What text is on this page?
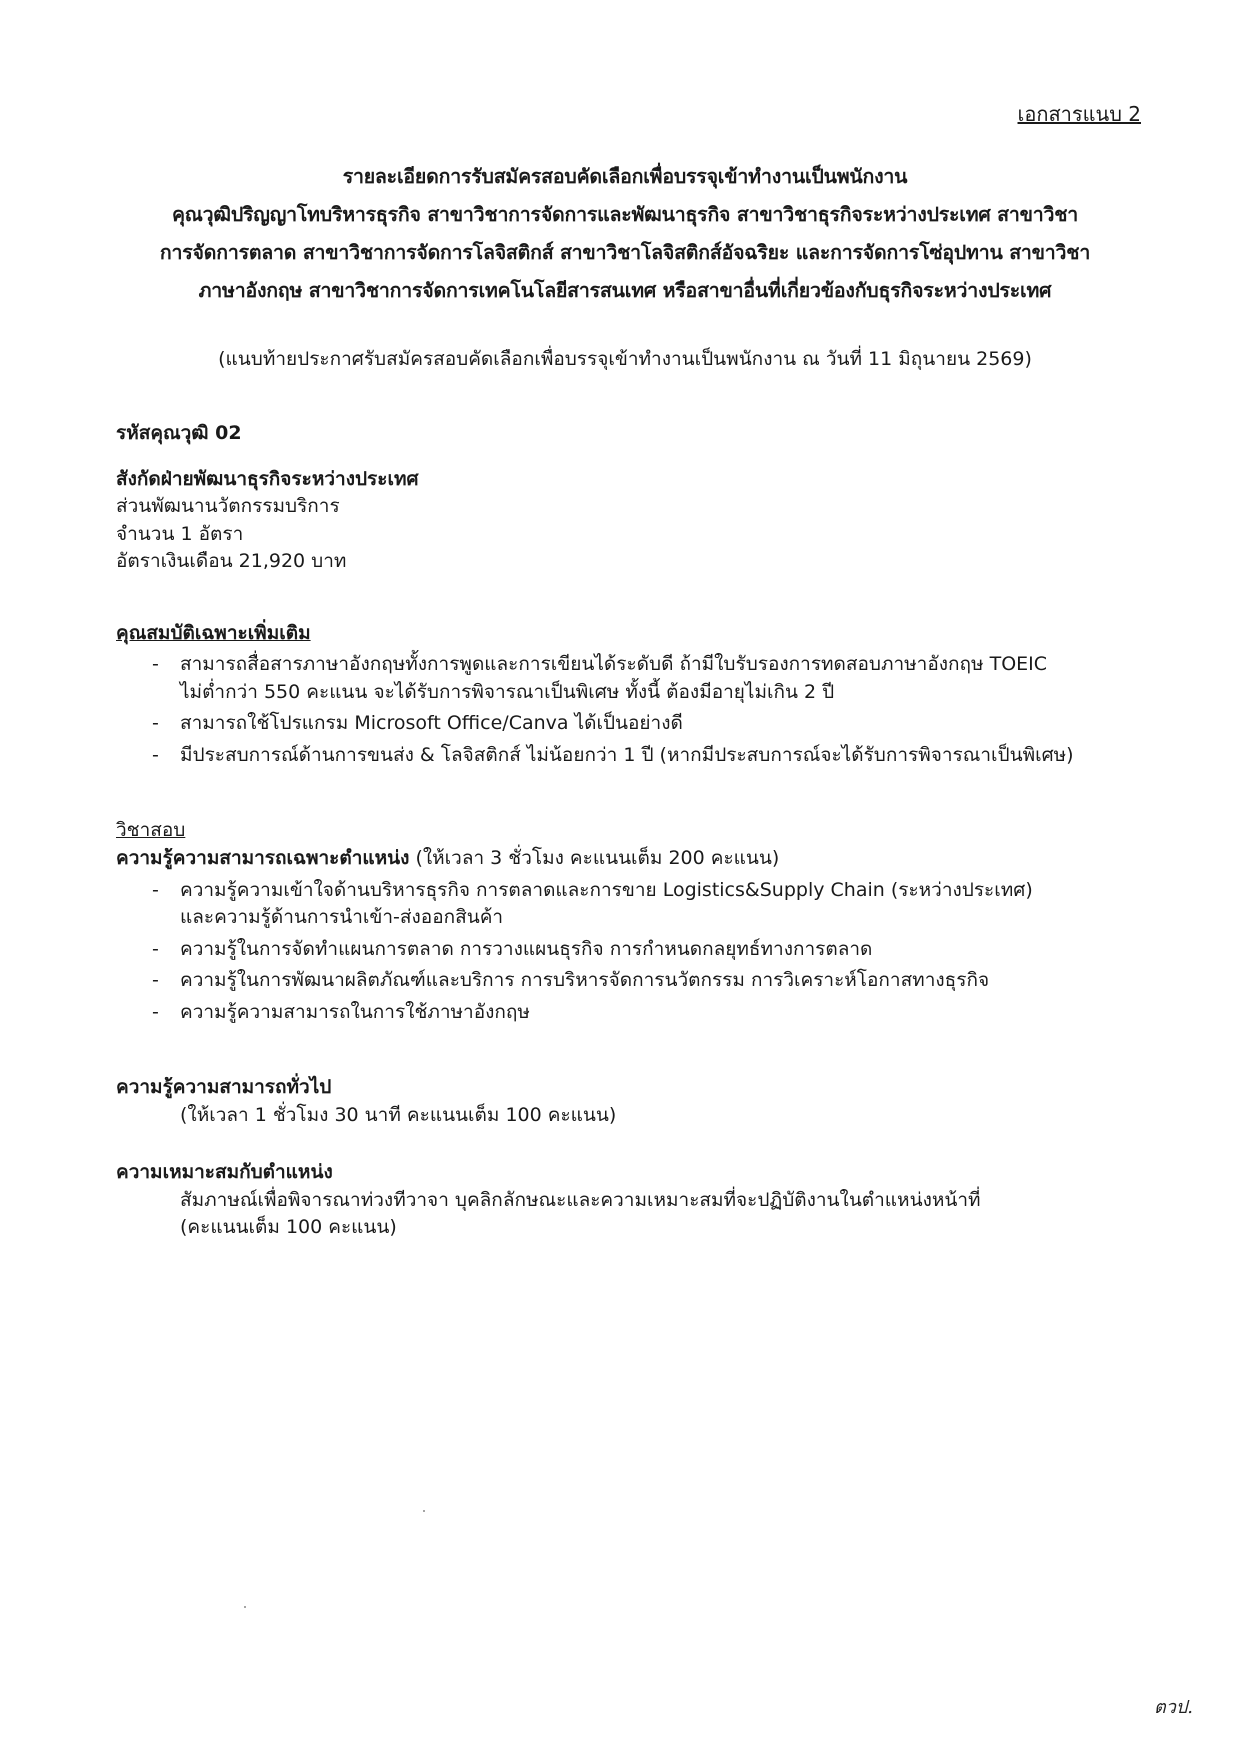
เอกสารแนบ 2
รายละเอียดการรับสมัครสอบคัดเลือกเพื่อบรรจุเข้าทำงานเป็นพนักงาน
คุณวุฒิปริญญาโทบริหารธุรกิจ สาขาวิชาการจัดการและพัฒนาธุรกิจ สาขาวิชาธุรกิจระหว่างประเทศ สาขาวิชา
การจัดการตลาด สาขาวิชาการจัดการโลจิสติกส์ สาขาวิชาโลจิสติกส์อัจฉริยะ และการจัดการโซ่อุปทาน สาขาวิชา
ภาษาอังกฤษ สาขาวิชาการจัดการเทคโนโลยีสารสนเทศ หรือสาขาอื่นที่เกี่ยวข้องกับธุรกิจระหว่างประเทศ
(แนบท้ายประกาศรับสมัครสอบคัดเลือกเพื่อบรรจุเข้าทำงานเป็นพนักงาน ณ วันที่ 11 มิถุนายน 2569)

รหัสคุณวุฒิ 02

สังกัดฝ่ายพัฒนาธุรกิจระหว่างประเทศ

ส่วนพัฒนานวัตกรรมบริการ

จำนวน 1 อัตรา

อัตราเงินเดือน 21,920 บาท

คุณสมบัติเฉพาะเพิ่มเติม

- สามารถสื่อสารภาษาอังกฤษทั้งการพูดและการเขียนได้ระดับดี ถ้ามีใบรับรองการทดสอบภาษาอังกฤษ TOEIC
ไม่ต่ำกว่า 550 คะแนน จะได้รับการพิจารณาเป็นพิเศษ ทั้งนี้ ต้องมีอายุไม่เกิน 2 ปี
- สามารถใช้โปรแกรม Microsoft Office/Canva ได้เป็นอย่างดี
- มีประสบการณ์ด้านการขนส่ง & โลจิสติกส์ ไม่น้อยกว่า 1 ปี (หากมีประสบการณ์จะได้รับการพิจารณาเป็นพิเศษ)

วิชาสอบ

ความรู้ความสามารถเฉพาะตำแหน่ง (ให้เวลา 3 ชั่วโมง คะแนนเต็ม 200 คะแนน)

- ความรู้ความเข้าใจด้านบริหารธุรกิจ การตลาดและการขาย Logistics&Supply Chain (ระหว่างประเทศ)
และความรู้ด้านการนำเข้า-ส่งออกสินค้า
- ความรู้ในการจัดทำแผนการตลาด การวางแผนธุรกิจ การกำหนดกลยุทธ์ทางการตลาด
- ความรู้ในการพัฒนาผลิตภัณฑ์และบริการ การบริหารจัดการนวัตกรรม การวิเคราะห์โอกาสทางธุรกิจ
- ความรู้ความสามารถในการใช้ภาษาอังกฤษ

ความรู้ความสามารถทั่วไป

(ให้เวลา 1 ชั่วโมง 30 นาที คะแนนเต็ม 100 คะแนน)

ความเหมาะสมกับตำแหน่ง

สัมภาษณ์เพื่อพิจารณาท่วงทีวาจา บุคลิกลักษณะและความเหมาะสมที่จะปฏิบัติงานในตำแหน่งหน้าที่

(คะแนนเต็ม 100 คะแนน)

ตวป.
